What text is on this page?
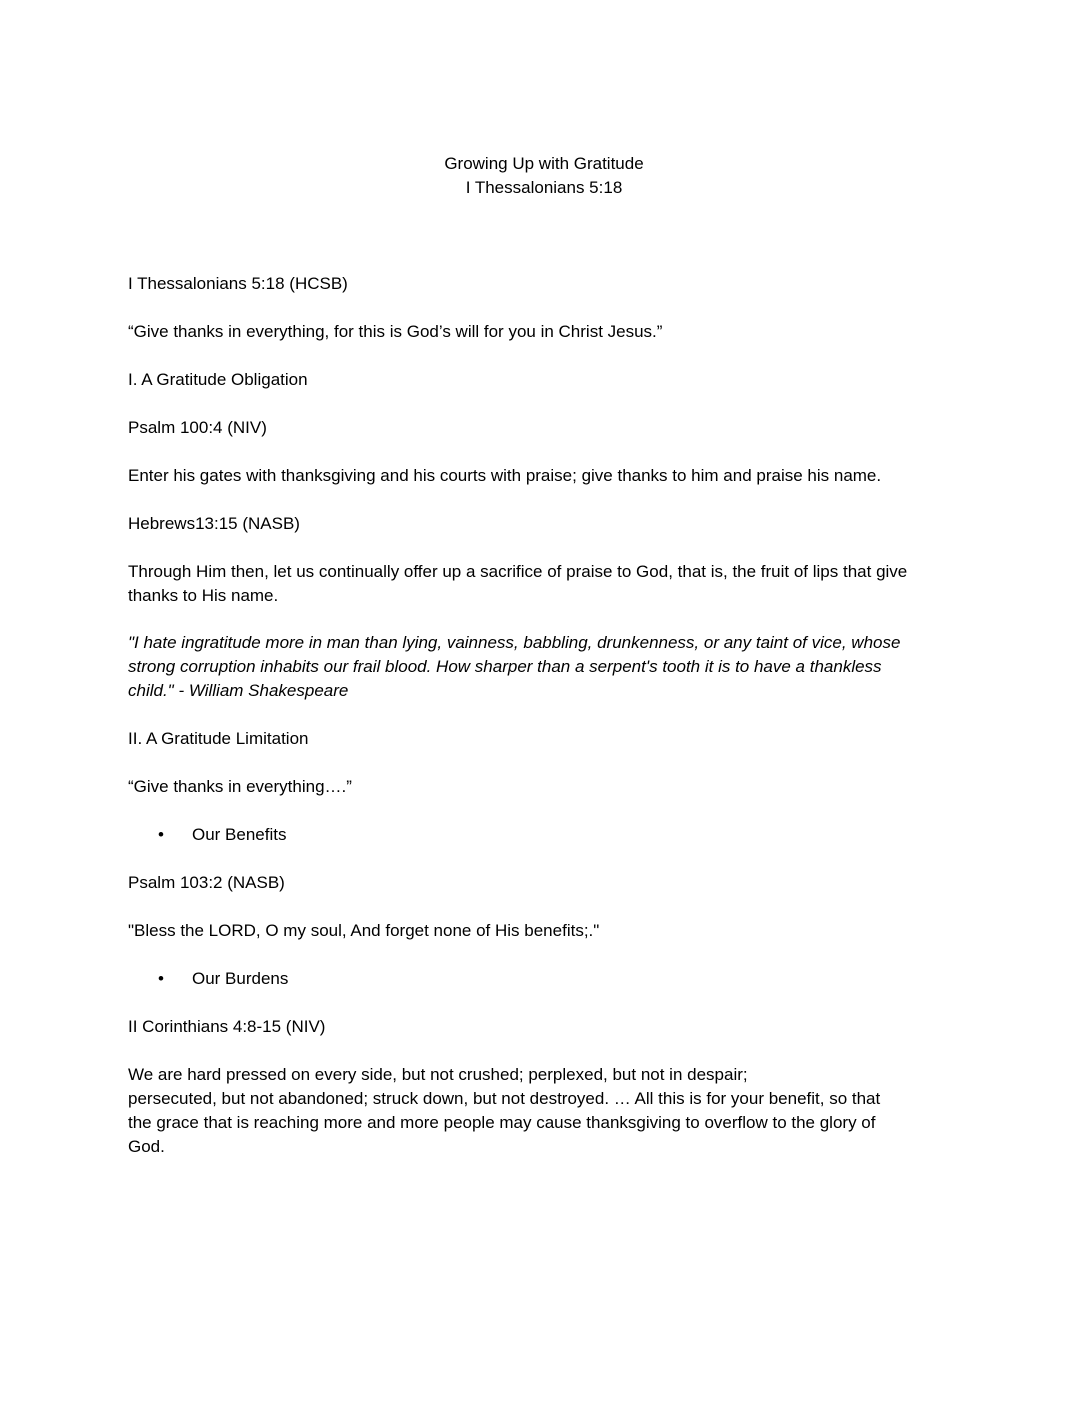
Growing Up with Gratitude
I Thessalonians 5:18
I Thessalonians 5:18 (HCSB)
“Give thanks in everything, for this is God’s will for you in Christ Jesus.”
I. A Gratitude Obligation
Psalm 100:4 (NIV)
Enter his gates with thanksgiving and his courts with praise; give thanks to him and praise his name.
Hebrews13:15 (NASB)
Through Him then, let us continually offer up a sacrifice of praise to God, that is, the fruit of lips that give
thanks to His name.
"I hate ingratitude more in man than lying, vainness, babbling, drunkenness, or any taint of vice, whose
strong corruption inhabits our frail blood. How sharper than a serpent's tooth it is to have a thankless
child." - William Shakespeare
II. A Gratitude Limitation
“Give thanks in everything….”
• Our Benefits
Psalm 103:2 (NASB)
"Bless the LORD, O my soul, And forget none of His benefits;."
• Our Burdens
II Corinthians 4:8-15 (NIV)
We are hard pressed on every side, but not crushed; perplexed, but not in despair;
persecuted, but not abandoned; struck down, but not destroyed. … All this is for your benefit, so that
the grace that is reaching more and more people may cause thanksgiving to overflow to the glory of
God.
